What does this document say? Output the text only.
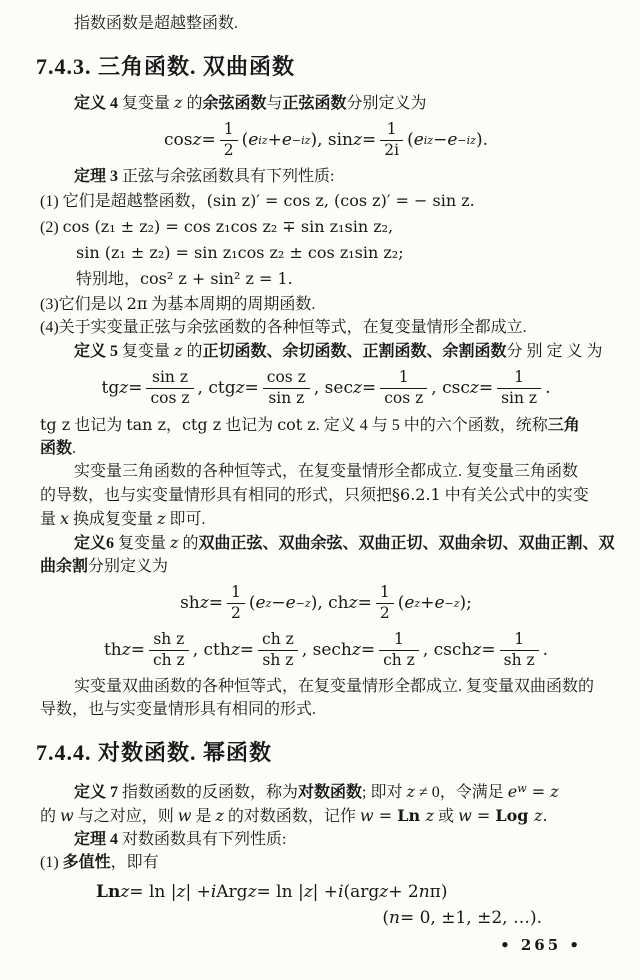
指数函数是超越整函数.

7.4.3. 三角函数. 双曲函数

定义 4 复变量 z 的余弦函数与正弦函数分别定义为

$\cos z = \frac{1}{2}$ ( e iz + e −iz ), $\sin z = \frac{1}{2i}$ ( e iz − e −iz ).

定理 3 正弦与余弦函数具有下列性质:

(1) 它们是超越整函数，(sin z)′ = cos z, (cos z)′ = − sin z.

(2) cos (z₁ ± z₂) = cos z₁cos z₂ ∓ sin z₁sin z₂,

sin (z₁ ± z₂) = sin z₁cos z₂ ± cos z₁sin z₂;

特别地，cos² z + sin² z = 1.

(3)它们是以 2π 为基本周期的周期函数.

(4)关于实变量正弦与余弦函数的各种恒等式，在复变量情形全都成立.

定义 5 复变量 z 的正切函数、余切函数、正割函数、余割函数分 别 定 义 为

tg $z = \frac{\text{sin z}}{\text{cos z}}$ , ctg $z = \frac{\text{cos z}}{\text{sin z}}$ , $\sec z = \frac{1}{\text{cos z}}$ , $\csc z = \frac{1}{\text{sin z}}$ .

tg z 也记为 tan z，ctg z 也记为 cot z. 定义 4 与 5 中的六个函数，统称三角

函数.

实变量三角函数的各种恒等式，在复变量情形全都成立. 复变量三角函数

的导数，也与实变量情形具有相同的形式，只须把§6.2.1 中有关公式中的实变

量 x 换成复变量 z 即可.

定义6 复变量 z 的双曲正弦、双曲余弦、双曲正切、双曲余切、双曲正割、双

曲余割分别定义为

sh $z = \frac{1}{2}$ ( e z − e −z ), ch $z = \frac{1}{2}$ ( e z + e −z );
th $z = \frac{\text{sh z}}{\text{ch z}}$ , cth $z = \frac{\text{ch z}}{\text{sh z}}$ , sech $z = \frac{1}{\text{ch z}}$ , csch $z = \frac{1}{\text{sh z}}$ .

实变量双曲函数的各种恒等式，在复变量情形全都成立. 复变量双曲函数的

导数，也与实变量情形具有相同的形式.

7.4.4. 对数函数. 幂函数

定义 7 指数函数的反函数，称为对数函数; 即对 z ≠ 0，令满足 $e^w = z$

的 w 与之对应，则 w 是 z 的对数函数，记作 w = Ln z 或 w = Log z.

定理 4 对数函数具有下列性质:

(1) 多值性，即有

Ln z = ln | z | + i Arg z = ln | z | + i (arg z + 2 n π)
( n = 0, ±1, ±2, …).
• 265 •
